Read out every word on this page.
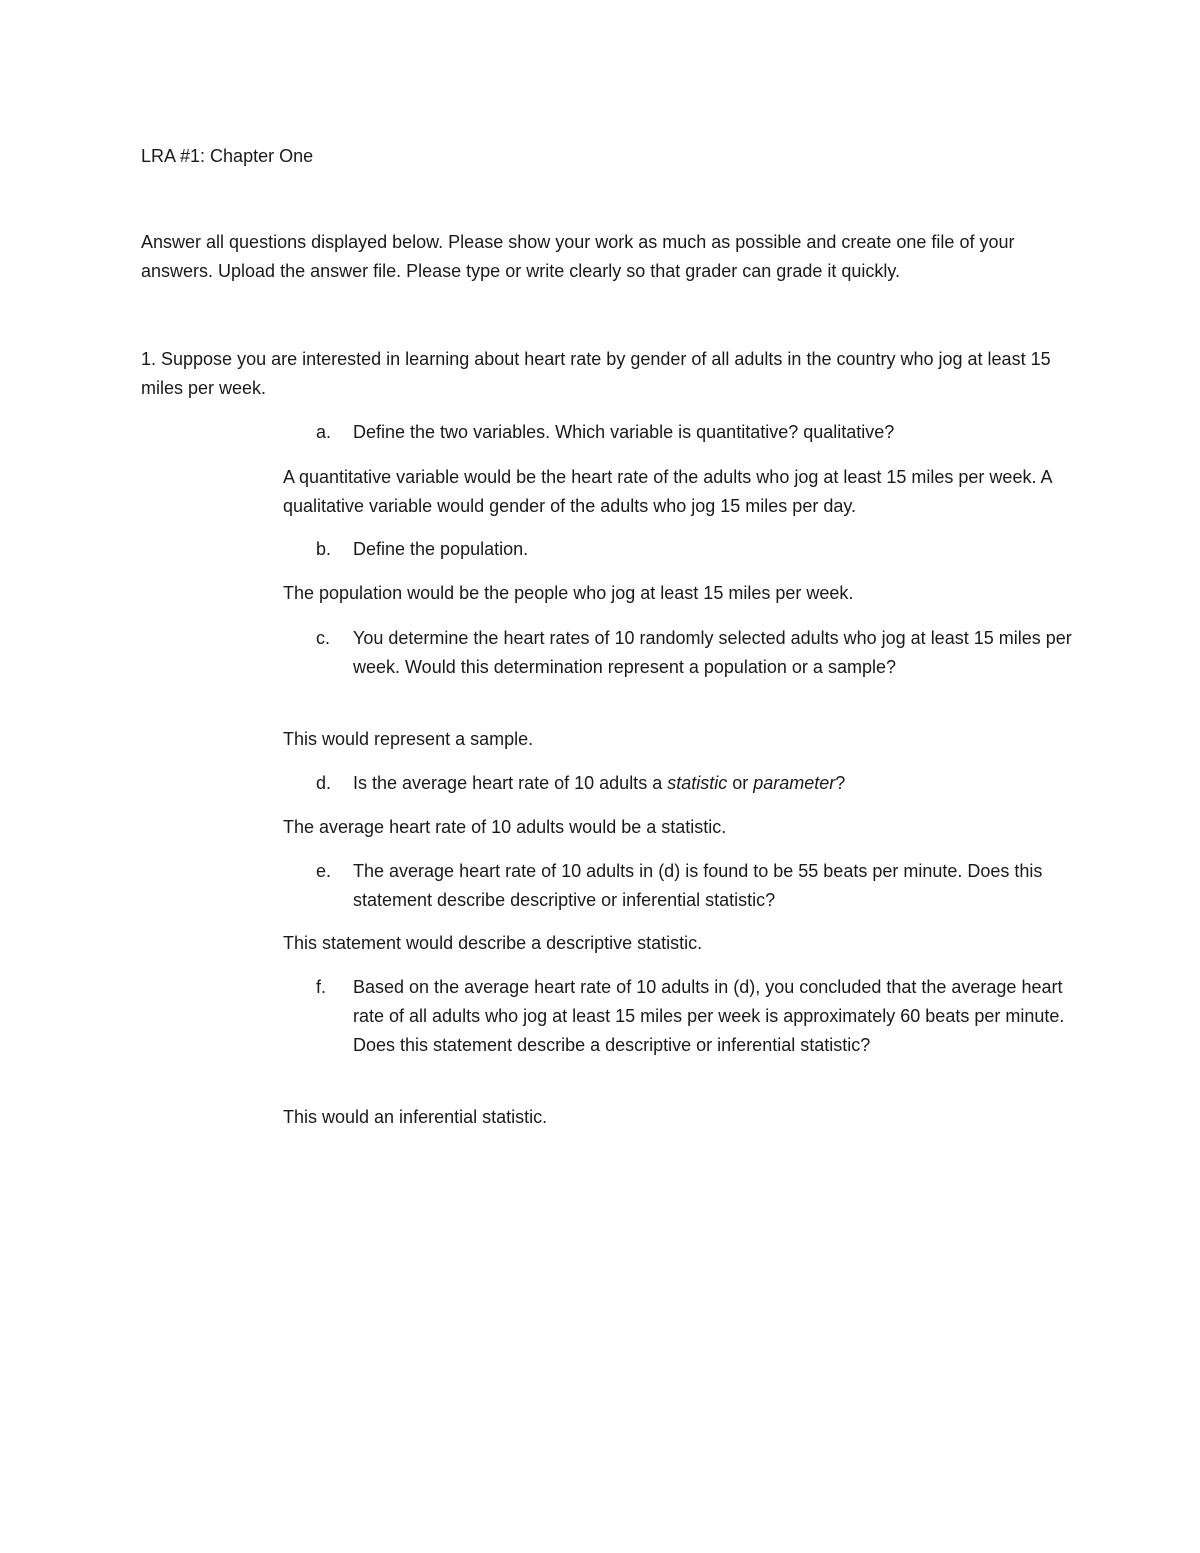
LRA #1: Chapter One

Answer all questions displayed below. Please show your work as much as possible and create one file of your answers. Upload the answer file. Please type or write clearly so that grader can grade it quickly.

1. Suppose you are interested in learning about heart rate by gender of all adults in the country who jog at least 15 miles per week.

a. Define the two variables. Which variable is quantitative? qualitative?

A quantitative variable would be the heart rate of the adults who jog at least 15 miles per week. A qualitative variable would gender of the adults who jog 15 miles per day.

b. Define the population.

The population would be the people who jog at least 15 miles per week.

c. You determine the heart rates of 10 randomly selected adults who jog at least 15 miles per week. Would this determination represent a population or a sample?

This would represent a sample.

d. Is the average heart rate of 10 adults a statistic or parameter?

The average heart rate of 10 adults would be a statistic.

e. The average heart rate of 10 adults in (d) is found to be 55 beats per minute. Does this statement describe descriptive or inferential statistic?

This statement would describe a descriptive statistic.

f. Based on the average heart rate of 10 adults in (d), you concluded that the average heart rate of all adults who jog at least 15 miles per week is approximately 60 beats per minute. Does this statement describe a descriptive or inferential statistic?

This would an inferential statistic.
